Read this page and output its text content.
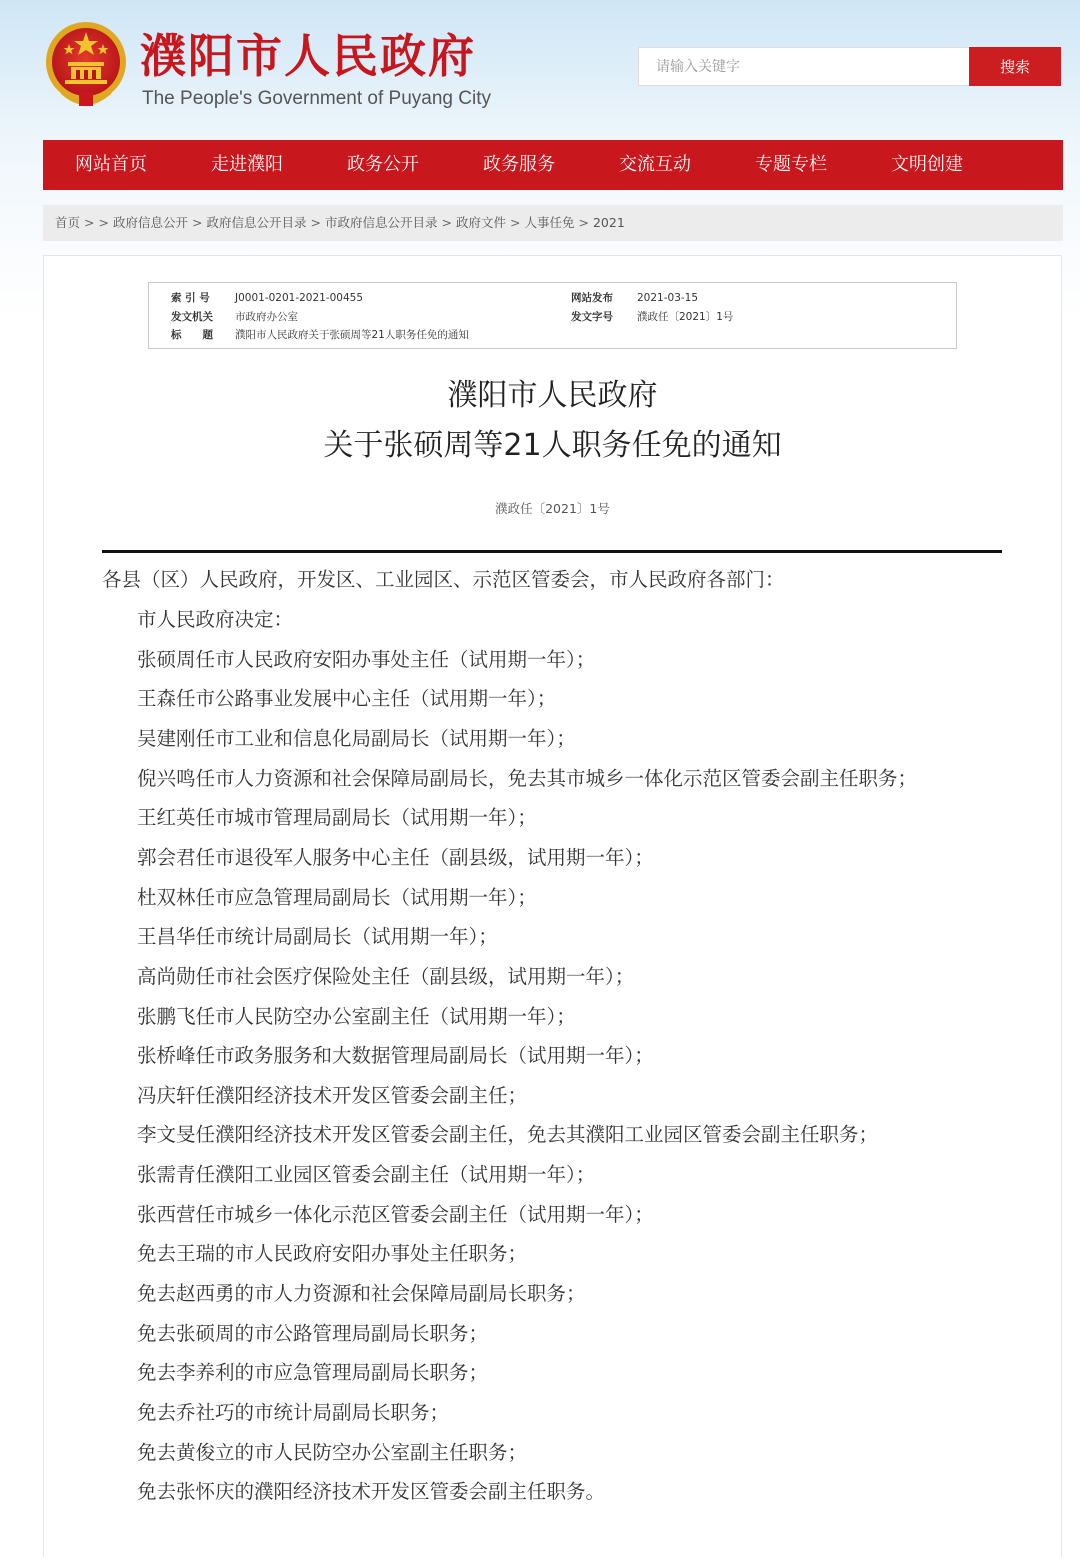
濮阳市人民政府
The People's Government of Puyang City
请输入关键字
搜索
网站首页	走进濮阳	政务公开	政务服务	交流互动	专题专栏	文明创建
首页 > > 政府信息公开 > 政府信息公开目录 > 市政府信息公开目录 > 政府文件 > 人事任免 > 2021
索 引 号 J0001-0201-2021-00455	网站发布 2021-03-15
发文机关 市政府办公室	发文字号 濮政任〔2021〕1号
标　　题 濮阳市人民政府关于张硕周等21人职务任免的通知
濮阳市人民政府
关于张硕周等21人职务任免的通知
濮政任〔2021〕1号
各县（区）人民政府，开发区、工业园区、示范区管委会，市人民政府各部门：
市人民政府决定：
张硕周任市人民政府安阳办事处主任（试用期一年）；
王森任市公路事业发展中心主任（试用期一年）；
吴建刚任市工业和信息化局副局长（试用期一年）；
倪兴鸣任市人力资源和社会保障局副局长，免去其市城乡一体化示范区管委会副主任职务；
王红英任市城市管理局副局长（试用期一年）；
郭会君任市退役军人服务中心主任（副县级，试用期一年）；
杜双林任市应急管理局副局长（试用期一年）；
王昌华任市统计局副局长（试用期一年）；
高尚勋任市社会医疗保险处主任（副县级，试用期一年）；
张鹏飞任市人民防空办公室副主任（试用期一年）；
张桥峰任市政务服务和大数据管理局副局长（试用期一年）；
冯庆轩任濮阳经济技术开发区管委会副主任；
李文旻任濮阳经济技术开发区管委会副主任，免去其濮阳工业园区管委会副主任职务；
张需青任濮阳工业园区管委会副主任（试用期一年）；
张西营任市城乡一体化示范区管委会副主任（试用期一年）；
免去王瑞的市人民政府安阳办事处主任职务；
免去赵西勇的市人力资源和社会保障局副局长职务；
免去张硕周的市公路管理局副局长职务；
免去李养利的市应急管理局副局长职务；
免去乔社巧的市统计局副局长职务；
免去黄俊立的市人民防空办公室副主任职务；
免去张怀庆的濮阳经济技术开发区管委会副主任职务。
